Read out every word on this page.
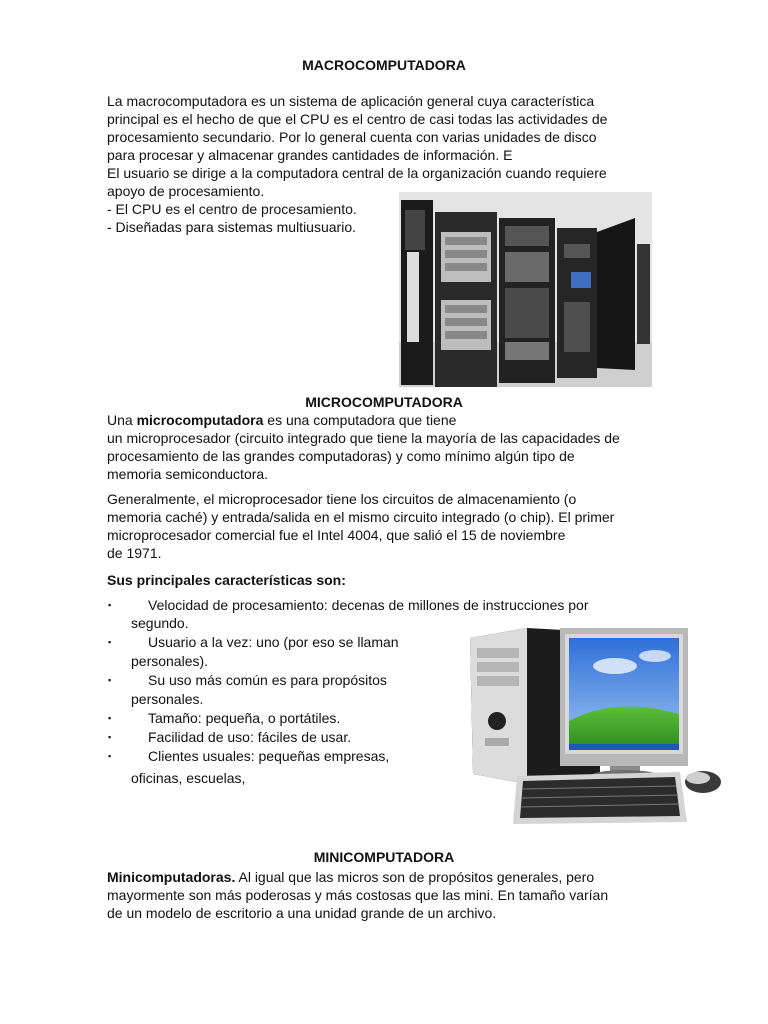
MACROCOMPUTADORA
La macrocomputadora es un sistema de aplicación general cuya característica
principal es el hecho de que el CPU es el centro de casi todas las actividades de
procesamiento secundario. Por lo general cuenta con varias unidades de disco
para procesar y almacenar grandes cantidades de información. E
El usuario se dirige a la computadora central de la organización cuando requiere
apoyo de procesamiento.
- El CPU es el centro de procesamiento.
- Diseñadas para sistemas multiusuario.
MICROCOMPUTADORA
Una microcomputadora es una computadora que tiene
un microprocesador (circuito integrado que tiene la mayoría de las capacidades de
procesamiento de las grandes computadoras) y como mínimo algún tipo de
memoria semiconductora.
Generalmente, el microprocesador tiene los circuitos de almacenamiento (o
memoria caché) y entrada/salida en el mismo circuito integrado (o chip). El primer
microprocesador comercial fue el Intel 4004, que salió el 15 de noviembre
de 1971.
Sus principales características son:
▪	Velocidad de procesamiento: decenas de millones de instrucciones por
segundo.
▪	Usuario a la vez: uno (por eso se llaman
personales).
▪	Su uso más común es para propósitos
personales.
▪	Tamaño: pequeña, o portátiles.
▪	Facilidad de uso: fáciles de usar.
▪	Clientes usuales: pequeñas empresas,
oficinas, escuelas,
MINICOMPUTADORA
Minicomputadoras. Al igual que las micros son de propósitos generales, pero
mayormente son más poderosas y más costosas que las mini. En tamaño varían
de un modelo de escritorio a una unidad grande de un archivo.
